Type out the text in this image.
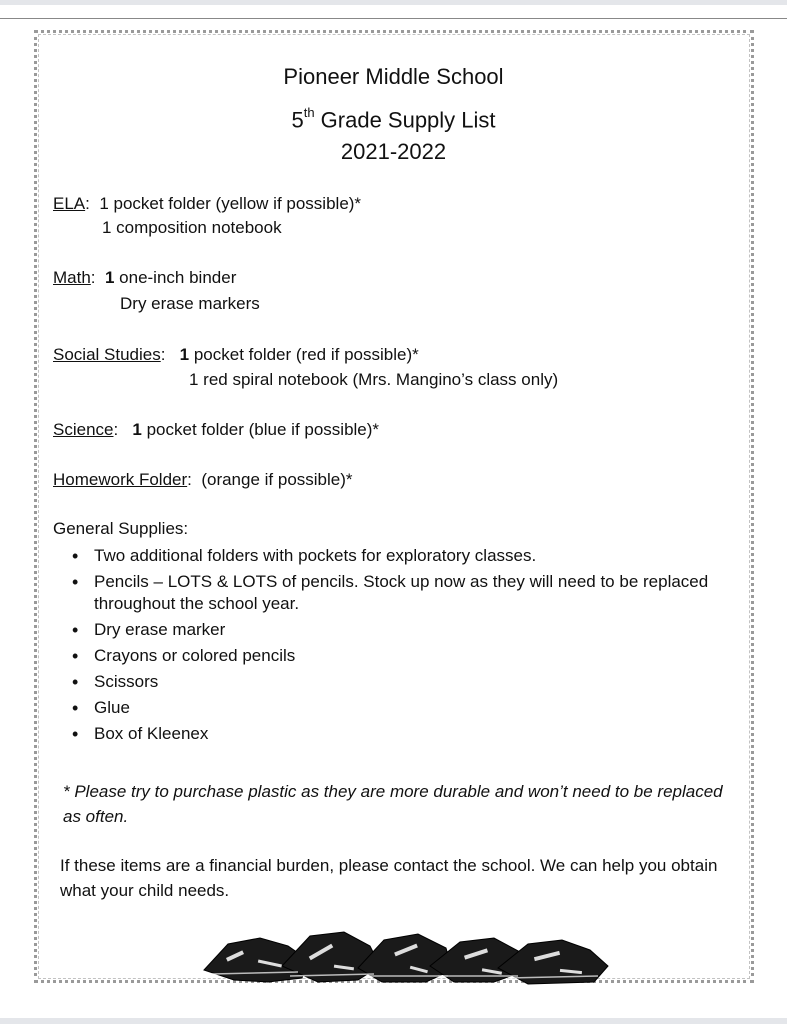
Pioneer Middle School
5th Grade Supply List
2021-2022
ELA:  1 pocket folder (yellow if possible)*
1 composition notebook
Math:  1 one-inch binder
Dry erase markers
Social Studies:   1 pocket folder (red if possible)*
1 red spiral notebook (Mrs. Mangino’s class only)
Science:   1 pocket folder (blue if possible)*
Homework Folder:  (orange if possible)*
General Supplies:
• Two additional folders with pockets for exploratory classes.
• Pencils – LOTS & LOTS of pencils. Stock up now as they will need to be replaced throughout the school year.
• Dry erase marker
• Crayons or colored pencils
• Scissors
• Glue
• Box of Kleenex
* Please try to purchase plastic as they are more durable and won’t need to be replaced as often.
If these items are a financial burden, please contact the school. We can help you obtain what your child needs.
